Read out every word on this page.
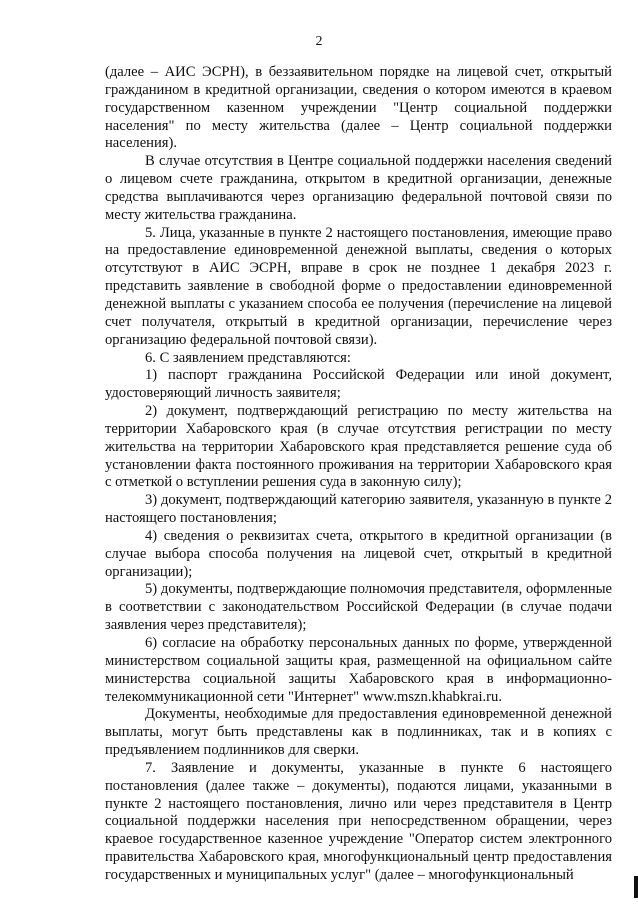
2

(далее – АИС ЭСРН), в беззаявительном порядке на лицевой счет, открытый гражданином в кредитной организации, сведения о котором имеются в краевом государственном казенном учреждении "Центр социальной поддержки населения" по месту жительства (далее – Центр социальной поддержки населения).

В случае отсутствия в Центре социальной поддержки населения сведений о лицевом счете гражданина, открытом в кредитной организации, денежные средства выплачиваются через организацию федеральной почтовой связи по месту жительства гражданина.

5. Лица, указанные в пункте 2 настоящего постановления, имеющие право на предоставление единовременной денежной выплаты, сведения о которых отсутствуют в АИС ЭСРН, вправе в срок не позднее 1 декабря 2023 г. представить заявление в свободной форме о предоставлении единовременной денежной выплаты с указанием способа ее получения (перечисление на лицевой счет получателя, открытый в кредитной организации, перечисление через организацию федеральной почтовой связи).

6. С заявлением представляются:

1) паспорт гражданина Российской Федерации или иной документ, удостоверяющий личность заявителя;

2) документ, подтверждающий регистрацию по месту жительства на территории Хабаровского края (в случае отсутствия регистрации по месту жительства на территории Хабаровского края представляется решение суда об установлении факта постоянного проживания на территории Хабаровского края с отметкой о вступлении решения суда в законную силу);

3) документ, подтверждающий категорию заявителя, указанную в пункте 2 настоящего постановления;

4) сведения о реквизитах счета, открытого в кредитной организации (в случае выбора способа получения на лицевой счет, открытый в кредитной организации);

5) документы, подтверждающие полномочия представителя, оформленные в соответствии с законодательством Российской Федерации (в случае подачи заявления через представителя);

6) согласие на обработку персональных данных по форме, утвержденной министерством социальной защиты края, размещенной на официальном сайте министерства социальной защиты Хабаровского края в информационно-телекоммуникационной сети "Интернет" www.mszn.khabkrai.ru.

Документы, необходимые для предоставления единовременной денежной выплаты, могут быть представлены как в подлинниках, так и в копиях с предъявлением подлинников для сверки.

7. Заявление и документы, указанные в пункте 6 настоящего постановления (далее также – документы), подаются лицами, указанными в пункте 2 настоящего постановления, лично или через представителя в Центр социальной поддержки населения при непосредственном обращении, через краевое государственное казенное учреждение "Оператор систем электронного правительства Хабаровского края, многофункциональный центр предоставления государственных и муниципальных услуг" (далее – многофункциональный
